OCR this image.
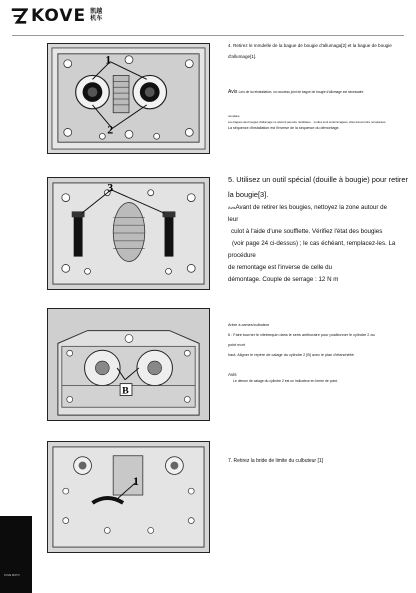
KOVE 凯越
机车
1
2
3
B
1
4. Retirez le mmdelle de la bague de bougie d'allumaga[2] et la bague de bougie
d'allumage[1].
Avis Lors de la reinstallation, un nouveau joint de bague de bougie d'allumage est nécessaire.
remplace
Les bagues des bougies d'allumage ne doivent pas être réutilisées... si elles sont endommagées, elles doivent être remplacées.
La séquence d'installation est l'inverse de la séquence du démontage.
5. Utilisez un outil spécial (douille à bougie) pour retirer
la bougie[3].
AvisAvant de retirer les bougies, nettoyez la zone autour de
leur
culot à l'aide d'une soufflette. Vérifiez l'état des bougies
(voir page 24 ci-dessus) ; le cas échéant, remplacez-les. La
procédure
de remontage est l'inverse de celle du
démontage. Couple de serrage : 12 N m
Arbre à cames/culbuteur
6 : Faire tourner le vilebrequin dans le sens antihoraire pour positionner le cylindre 2 au
point mort
haut. Aligner le repère de calage du cylindre 2 [B] avec le plan d'étanchéité.
Avis
Le démon de calage du cylindre 2 est un indicateur en forme de point.
7. Retirez la bride de limite du culbuteur [1]
KOVE MOTO
